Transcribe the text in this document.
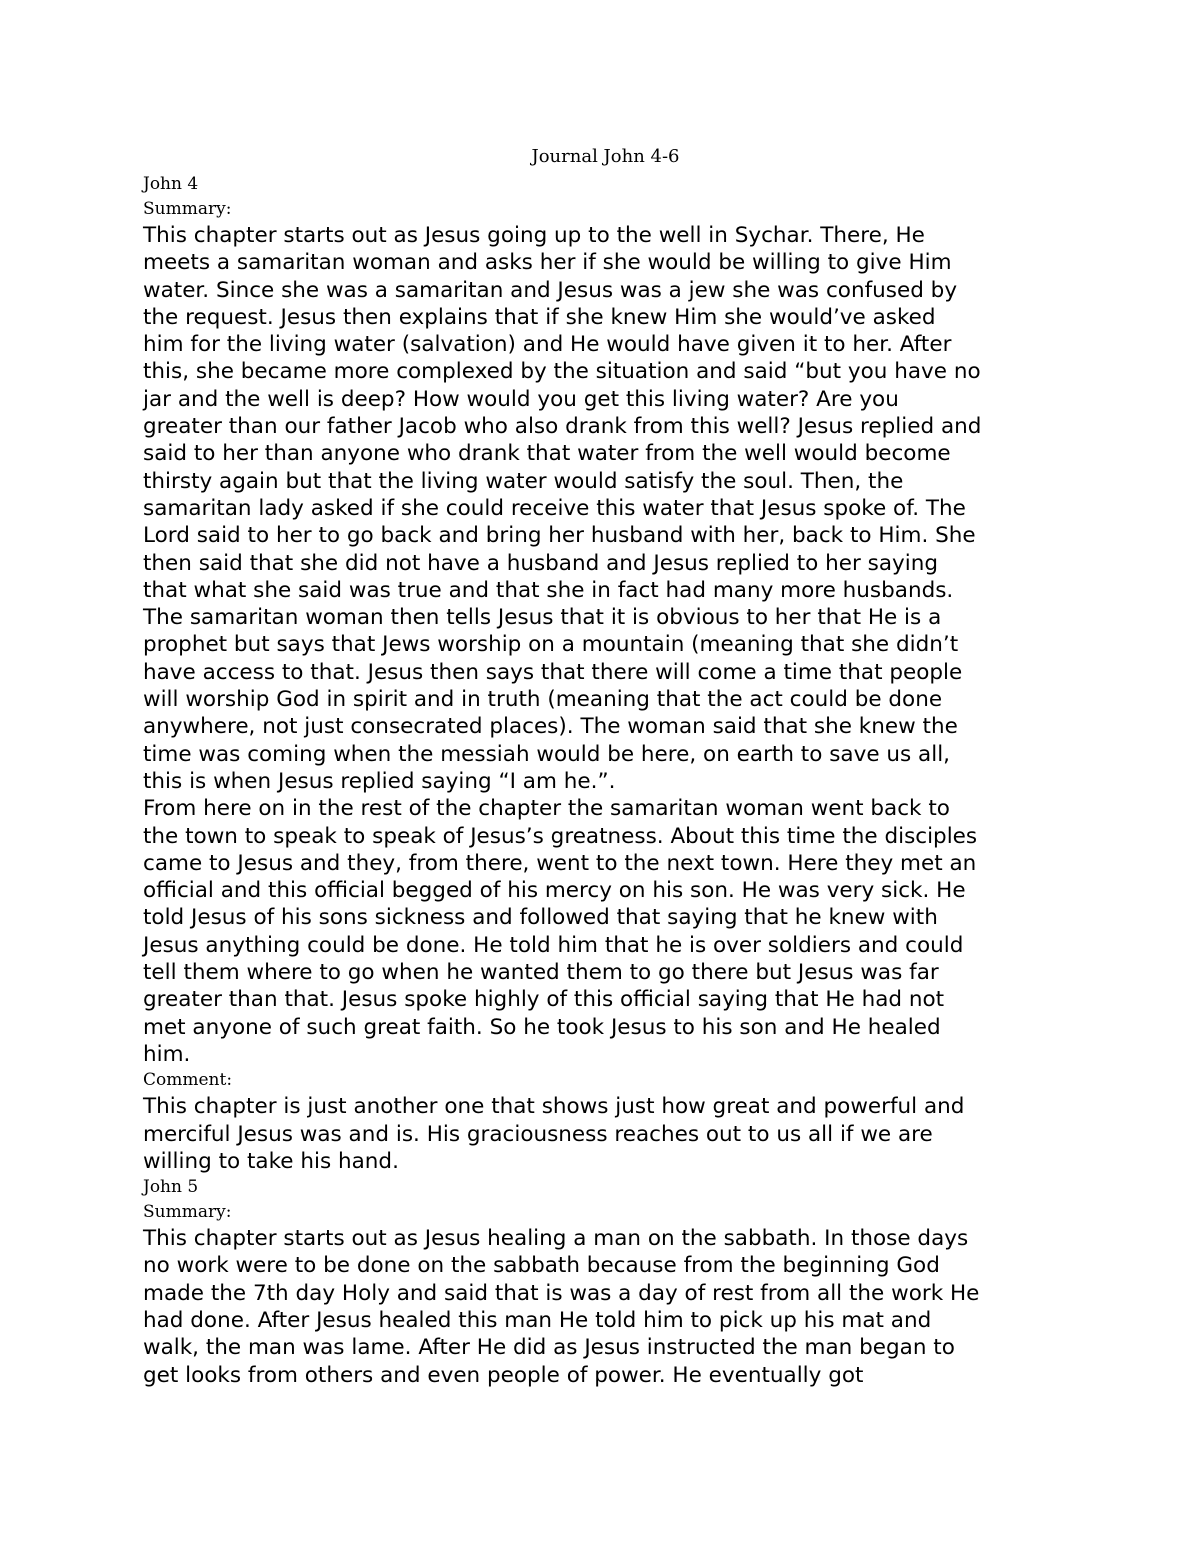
Journal John 4-6

John 4

Summary:

This chapter starts out as Jesus going up to the well in Sychar. There, He
meets a samaritan woman and asks her if she would be willing to give Him
water. Since she was a samaritan and Jesus was a jew she was confused by
the request. Jesus then explains that if she knew Him she would’ve asked
him for the living water (salvation) and He would have given it to her. After
this, she became more complexed by the situation and said “but you have no
jar and the well is deep? How would you get this living water? Are you
greater than our father Jacob who also drank from this well? Jesus replied and
said to her than anyone who drank that water from the well would become
thirsty again but that the living water would satisfy the soul. Then, the
samaritan lady asked if she could receive this water that Jesus spoke of. The
Lord said to her to go back and bring her husband with her, back to Him. She
then said that she did not have a husband and Jesus replied to her saying
that what she said was true and that she in fact had many more husbands.
The samaritan woman then tells Jesus that it is obvious to her that He is a
prophet but says that Jews worship on a mountain (meaning that she didn’t
have access to that. Jesus then says that there will come a time that people
will worship God in spirit and in truth (meaning that the act could be done
anywhere, not just consecrated places). The woman said that she knew the
time was coming when the messiah would be here, on earth to save us all,
this is when Jesus replied saying “I am he.”.

From here on in the rest of the chapter the samaritan woman went back to
the town to speak to speak of Jesus’s greatness. About this time the disciples
came to Jesus and they, from there, went to the next town. Here they met an
official and this official begged of his mercy on his son. He was very sick. He
told Jesus of his sons sickness and followed that saying that he knew with
Jesus anything could be done. He told him that he is over soldiers and could
tell them where to go when he wanted them to go there but Jesus was far
greater than that. Jesus spoke highly of this official saying that He had not
met anyone of such great faith. So he took Jesus to his son and He healed
him.

Comment:

This chapter is just another one that shows just how great and powerful and
merciful Jesus was and is. His graciousness reaches out to us all if we are
willing to take his hand.

John 5

Summary:

This chapter starts out as Jesus healing a man on the sabbath. In those days
no work were to be done on the sabbath because from the beginning God
made the 7th day Holy and said that is was a day of rest from all the work He
had done. After Jesus healed this man He told him to pick up his mat and
walk, the man was lame. After He did as Jesus instructed the man began to
get looks from others and even people of power. He eventually got
